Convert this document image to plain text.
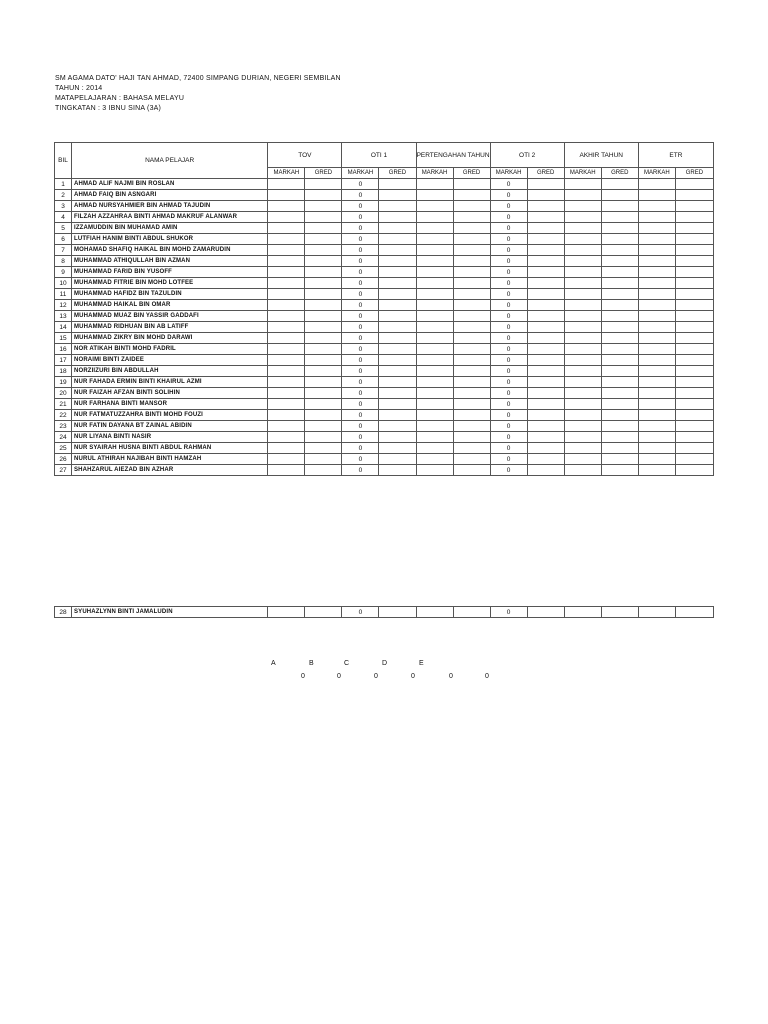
SM AGAMA DATO' HAJI TAN AHMAD, 72400 SIMPANG DURIAN, NEGERI SEMBILAN
TAHUN : 2014
MATAPELAJARAN : BAHASA MELAYU
TINGKATAN : 3 IBNU SINA (3A)
BIL	NAMA PELAJAR	TOV		OTI 1		PERTENGAHAN TAHUN		OTI 2		AKHIR TAHUN		ETR	
		MARKAH	GRED	MARKAH	GRED	MARKAH	GRED	MARKAH	GRED	MARKAH	GRED	MARKAH	GRED
1	AHMAD ALIF NAJMI BIN ROSLAN			0				0					
2	AHMAD FAIQ BIN ASNGARI			0				0					
3	AHMAD NURSYAHMIER BIN AHMAD TAJUDIN			0				0					
4	FILZAH AZZAHRAA BINTI AHMAD MAKRUF ALANWAR			0				0					
5	IZZAMUDDIN BIN MUHAMAD AMIN			0				0					
6	LUTFIAH HANIM BINTI ABDUL SHUKOR			0				0					
7	MOHAMAD SHAFIQ HAIKAL BIN MOHD ZAMARUDIN			0				0					
8	MUHAMMAD ATHIQULLAH BIN AZMAN			0				0					
9	MUHAMMAD FARID BIN YUSOFF			0				0					
10	MUHAMMAD FITRIE BIN MOHD LOTFEE			0				0					
11	MUHAMMAD HAFIDZ BIN TAZULDIN			0				0					
12	MUHAMMAD HAIKAL BIN OMAR			0				0					
13	MUHAMMAD MUAZ BIN YASSIR GADDAFI			0				0					
14	MUHAMMAD RIDHUAN BIN AB LATIFF			0				0					
15	MUHAMMAD ZIKRY BIN MOHD DARAWI			0				0					
16	NOR ATIKAH BINTI MOHD FADRIL			0				0					
17	NORAIMI BINTI ZAIDEE			0				0					
18	NORZIIZURI BIN ABDULLAH			0				0					
19	NUR FAHADA ERMIN BINTI KHAIRUL AZMI			0				0					
20	NUR FAIZAH AFZAN BINTI SOLIHIN			0				0					
21	NUR FARHANA BINTI MANSOR			0				0					
22	NUR FATMATUZZAHRA BINTI MOHD FOUZI			0				0					
23	NUR FATIN DAYANA BT ZAINAL ABIDIN			0				0					
24	NUR LIYANA BINTI NASIR			0				0					
25	NUR SYAIRAH HUSNA BINTI ABDUL RAHMAN			0				0					
26	NURUL ATHIRAH NAJIBAH BINTI HAMZAH			0				0					
27	SHAHZARUL AIEZAD BIN AZHAR			0				0					
28	SYUHAZLYNN BINTI JAMALUDIN			0				0					
A	B	C	D	E
0	0	0	0	0	0
